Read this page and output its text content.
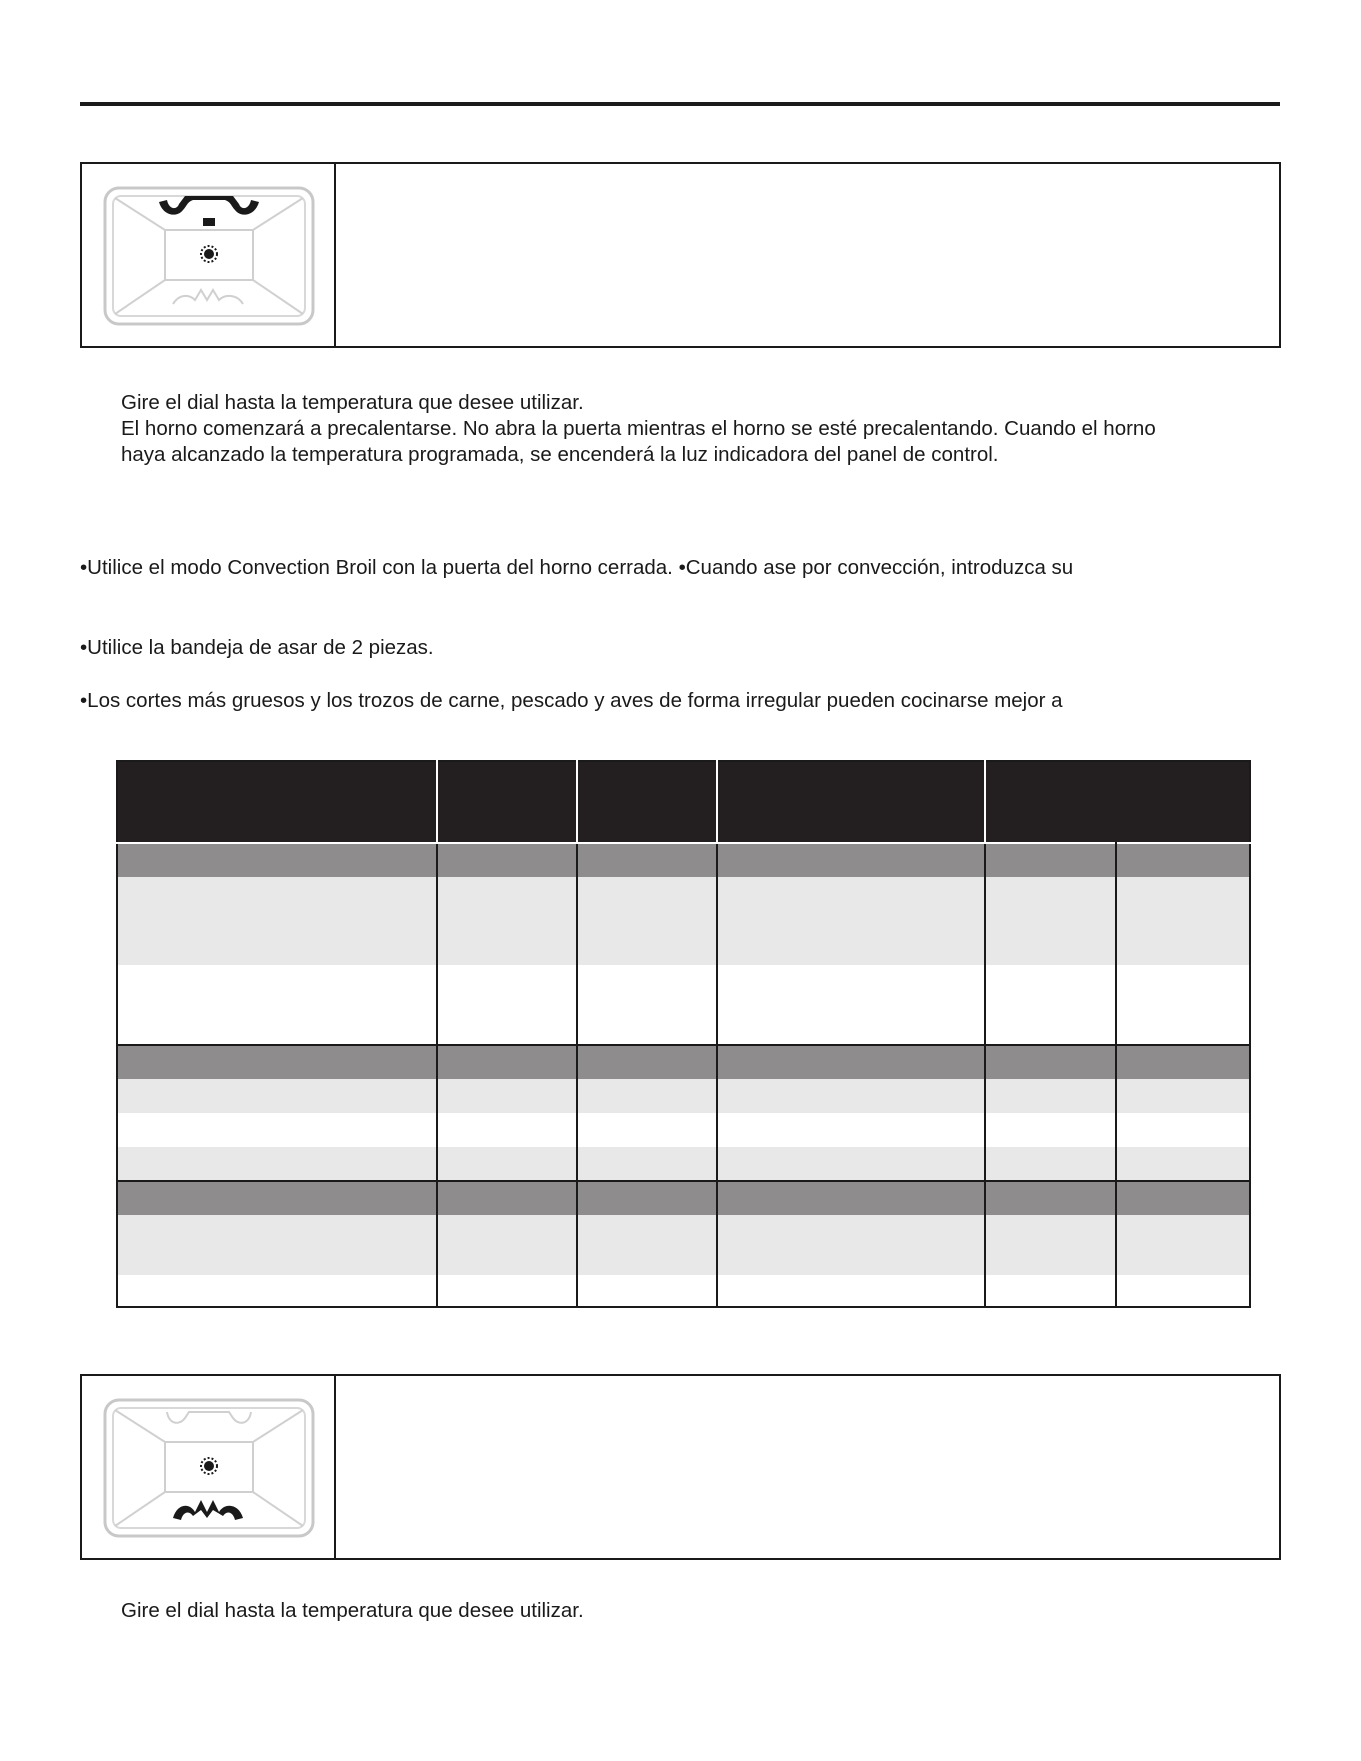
Gire el dial hasta la temperatura que desee utilizar.
El horno comenzará a precalentarse. No abra la puerta mientras el horno se esté precalentando. Cuando el horno
haya alcanzado la temperatura programada, se encenderá la luz indicadora del panel de control.
•Utilice el modo Convection Broil con la puerta del horno cerrada. •Cuando ase por convección, introduzca su
•Utilice la bandeja de asar de 2 piezas.
•Los cortes más gruesos y los trozos de carne, pescado y aves de forma irregular pueden cocinarse mejor a

Gire el dial hasta la temperatura que desee utilizar.
